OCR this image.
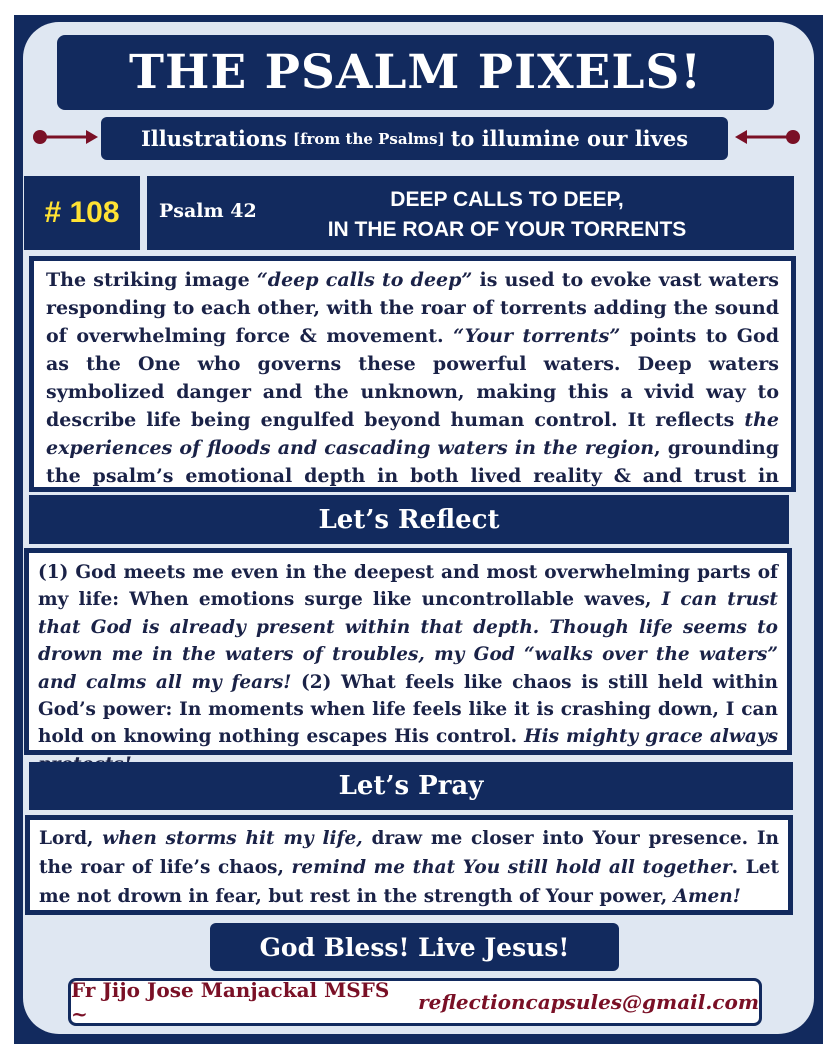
THE PSALM PIXELS!
Illustrations [from the Psalms] to illumine our lives
# 108 Psalm 42	DEEP CALLS TO DEEP,
IN THE ROAR OF YOUR TORRENTS
The striking image “deep calls to deep” is used to evoke vast waters responding to each other, with the roar of torrents adding the sound of overwhelming force & movement. “Your torrents” points to God as the One who governs these powerful waters. Deep waters symbolized danger and the unknown, making this a vivid way to describe life being engulfed beyond human control. It reflects the experiences of floods and cascading waters in the region, grounding the psalm’s emotional depth in both lived reality & and trust in
Let’s Reflect
(1) God meets me even in the deepest and most overwhelming parts of my life: When emotions surge like uncontrollable waves, I can trust that God is already present within that depth. Though life seems to drown me in the waters of troubles, my God “walks over the waters” and calms all my fears! (2) What feels like chaos is still held within God’s power: In moments when life feels like it is crashing down, I can hold on knowing nothing escapes His control. His mighty grace always
Let’s Pray
Lord, when storms hit my life, draw me closer into Your presence. In the roar of life’s chaos, remind me that You still hold all together. Let me not drown in fear, but rest in the strength of Your power, Amen!
God Bless! Live Jesus!
Fr Jijo Jose Manjackal MSFS ~	reflectioncapsules@gmail.com
